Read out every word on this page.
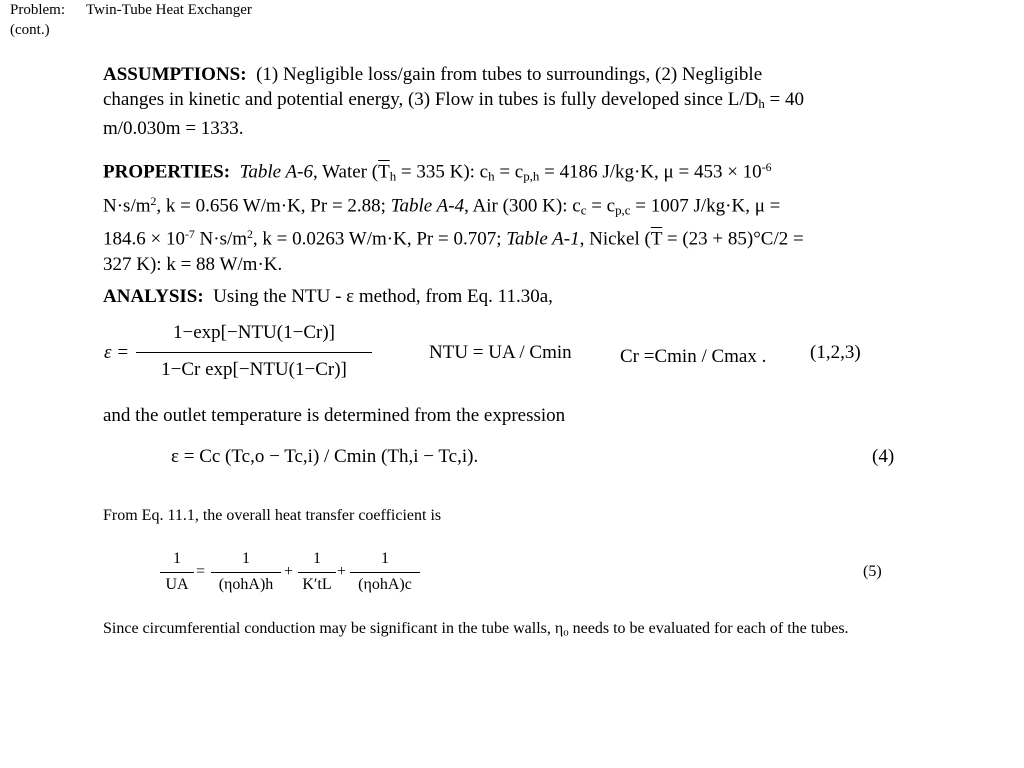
Problem: Twin-Tube Heat Exchanger
(cont.)
ASSUMPTIONS: (1) Negligible loss/gain from tubes to surroundings, (2) Negligible
changes in kinetic and potential energy, (3) Flow in tubes is fully developed since $L/D_h = 40$
m/0.030m = 1333.
PROPERTIES: Table A-6, Water ($\overline{T}_h = 335$ K): $c_h = c_{p,h} = 4186$ J/kg·K, $\mu = 453 \times 10^{-6}$
$N\cdot s/m^2$, k = 0.656 W/m·K, Pr = 2.88; Table A-4, Air (300 K): $c_c = c_{p,c} = 1007$ J/kg·K, μ =
$184.6 \times 10^{-7}$ $N\cdot s/m^2$, k = 0.0263 W/m·K, Pr = 0.707; Table A-1, Nickel ($\overline{T} = (23 + 85)^\circ C/2$ =
327 K): k = 88 W/m·K.
ANALYSIS: Using the NTU - ε method, from Eq. 11.30a,
ε =
1−exp[−NTU(1−Cr)]
1−Cr exp[−NTU(1−Cr)]
NTU = UA / Cmin	Cr =Cmin / Cmax . (1,2,3)
and the outlet temperature is determined from the expression
ε = Cc (Tc,o − Tc,i) / Cmin (Th,i − Tc,i).	(4)
From Eq. 11.1, the overall heat transfer coefficient is
1
UA
=
1
(ηohA)h
+
1
K′tL
+
1
(ηohA)c
(5)
Since circumferential conduction may be significant in the tube walls, $\eta_o$ needs to be evaluated for each of the tubes.
